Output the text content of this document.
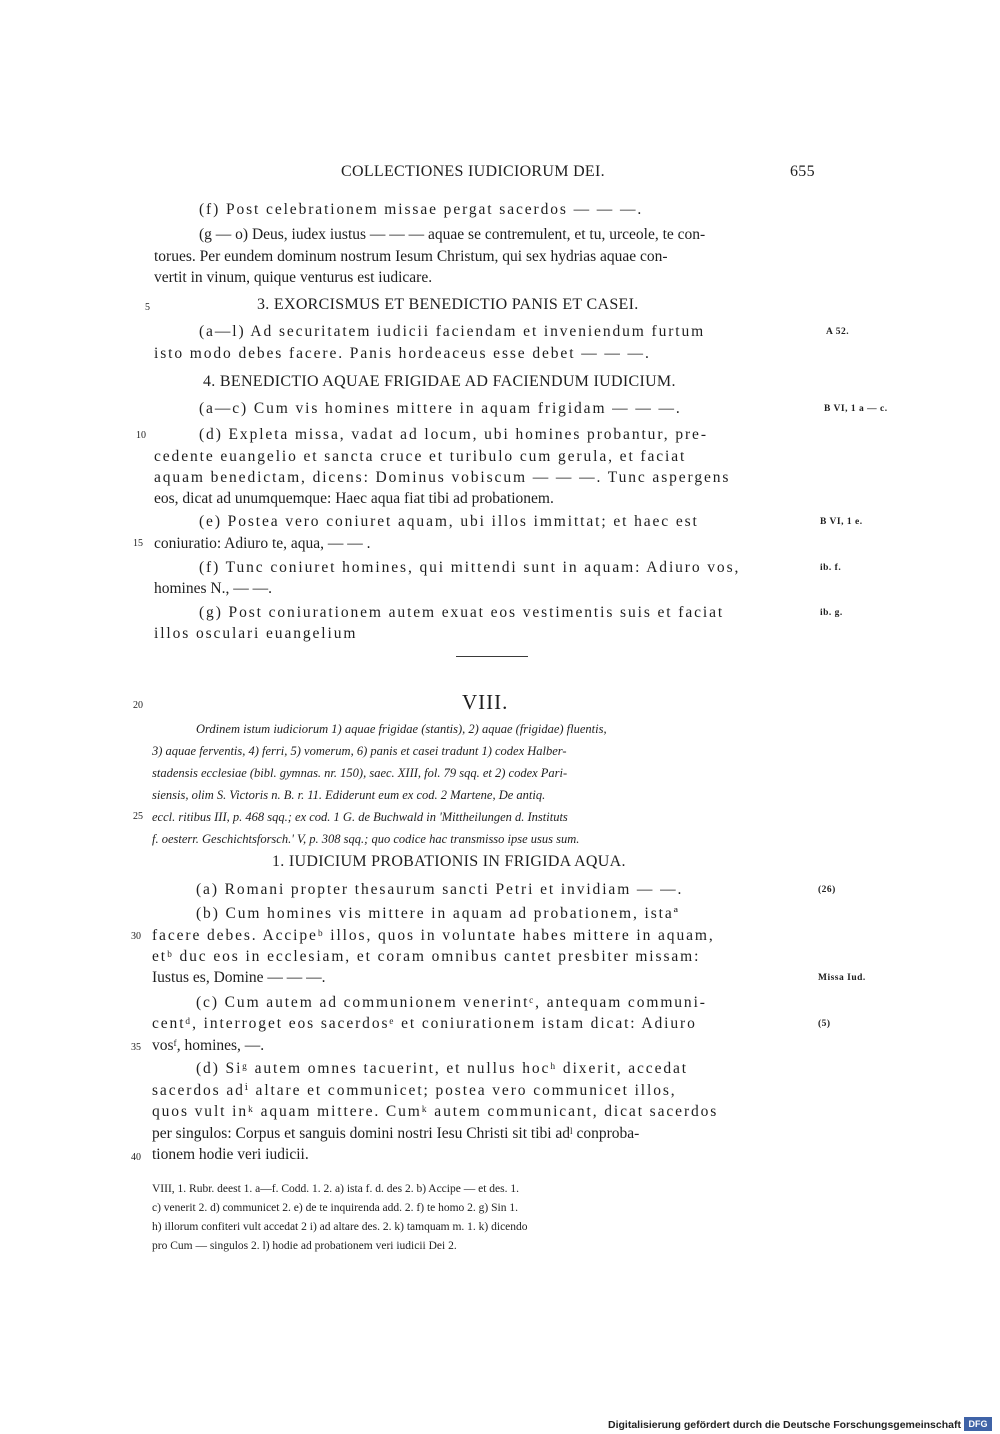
COLLECTIONES IUDICIORUM DEI.	655
(f) Post celebrationem missae pergat sacerdos — — —.
(g — o) Deus, iudex iustus — — — aquae se contremulent, et tu, urceole, te con-
torues. Per eundem dominum nostrum Iesum Christum, qui sex hydrias aquae con-
vertit in vinum, quique venturus est iudicare.
5	3. EXORCISMUS ET BENEDICTIO PANIS ET CASEI.
(a—l) Ad securitatem iudicii faciendam et inveniendum furtum	A 52.
isto modo debes facere. Panis hordeaceus esse debet — — —.
4. BENEDICTIO AQUAE FRIGIDAE AD FACIENDUM IUDICIUM.
(a—c) Cum vis homines mittere in aquam frigidam — — —.	B VI, 1 a — c.
10	(d) Expleta missa, vadat ad locum, ubi homines probantur, pre-
cedente euangelio et sancta cruce et turibulo cum gerula, et faciat
aquam benedictam, dicens: Dominus vobiscum — — —. Tunc aspergens
eos, dicat ad unumquemque: Haec aqua fiat tibi ad probationem.
(e) Postea vero coniuret aquam, ubi illos immittat; et haec est	B VI, 1 e.
15 coniuratio: Adiuro te, aqua, — — .
(f) Tunc coniuret homines, qui mittendi sunt in aquam: Adiuro vos,	ib. f.
homines N., — —.
(g) Post coniurationem autem exuat eos vestimentis suis et faciat	ib. g.
illos osculari euangelium
20	VIII.
Ordinem istum iudiciorum 1) aquae frigidae (stantis), 2) aquae (frigidae) fluentis,
3) aquae ferventis, 4) ferri, 5) vomerum, 6) panis et casei tradunt 1) codex Halber-
stadensis ecclesiae (bibl. gymnas. nr. 150), saec. XIII, fol. 79 sqq. et 2) codex Pari-
siensis, olim S. Victoris n. B. r. 11. Ediderunt eum ex cod. 2 Martene, De antiq.
25 eccl. ritibus III, p. 468 sqq.; ex cod. 1 G. de Buchwald in 'Mittheilungen d. Instituts
f. oesterr. Geschichtsforsch.' V, p. 308 sqq.; quo codice hac transmisso ipse usus sum.
1. IUDICIUM PROBATIONIS IN FRIGIDA AQUA.
(a) Romani propter thesaurum sancti Petri et invidiam — —.	(26)
(b) Cum homines vis mittere in aquam ad probationem, istaª
30 facere debes. Accipeᵇ illos, quos in voluntate habes mittere in aquam,
etᵇ duc eos in ecclesiam, et coram omnibus cantet presbiter missam:
Iustus es, Domine — — —.	Missa Iud.
(c) Cum autem ad communionem venerintᶜ, antequam communi-
centᵈ, interroget eos sacerdosᵉ et coniurationem istam dicat: Adiuro	(5)
35 vosᶠ, homines, —.
(d) Siᵍ autem omnes tacuerint, et nullus hocʰ dixerit, accedat
sacerdos adⁱ altare et communicet; postea vero communicet illos,
quos vult inᵏ aquam mittere. Cumᵏ autem communicant, dicat sacerdos
per singulos: Corpus et sanguis domini nostri Iesu Christi sit tibi adˡ conproba-
40 tionem hodie veri iudicii.
VIII, 1. Rubr. deest 1. a—f. Codd. 1. 2. a) ista f. d. des 2. b) Accipe — et des. 1.
c) venerit 2. d) communicet 2. e) de te inquirenda add. 2. f) te homo 2. g) Sin 1.
h) illorum confiteri vult accedat 2 i) ad altare des. 2. k) tamquam m. 1. k) dicendo
pro Cum — singulos 2. l) hodie ad probationem veri iudicii Dei 2.
Digitalisierung gefördert durch die Deutsche Forschungsgemeinschaft DFG
